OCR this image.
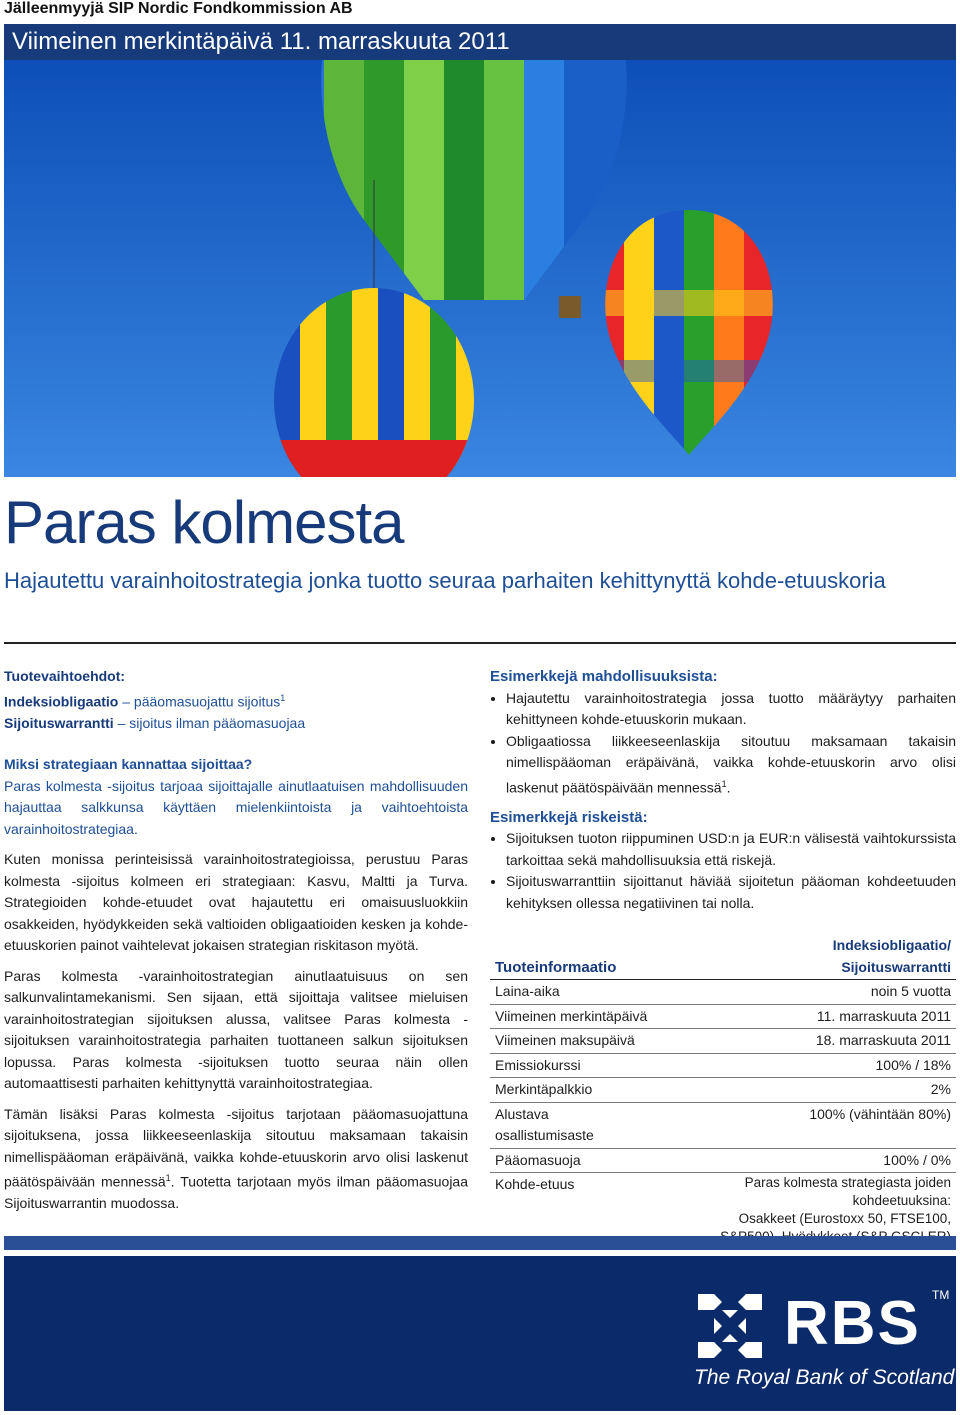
Jälleenmyyjä SIP Nordic Fondkommission AB
Viimeinen merkintäpäivä 11. marraskuuta 2011
Paras kolmesta
Hajautettu varainhoitostrategia jonka tuotto seuraa parhaiten kehittynyttä kohde-etuuskoria

Tuotevaihtoehdot:

Indeksiobligaatio – pääomasuojattu sijoitus$^1$

Sijoituswarrantti – sijoitus ilman pääomasuojaa

Miksi strategiaan kannattaa sijoittaa?

Paras kolmesta -sijoitus tarjoaa sijoittajalle ainutlaatuisen mahdollisuuden hajauttaa salkkunsa käyttäen mielenkiintoista ja vaihtoehtoista varainhoitostrategiaa.

Kuten monissa perinteisissä varainhoitostrategioissa, perustuu Paras kolmesta -sijoitus kolmeen eri strategiaan: Kasvu, Maltti ja Turva. Strategioiden kohde-etuudet ovat hajautettu eri omaisuusluokkiin osakkeiden, hyödykkeiden sekä valtioiden obligaatioiden kesken ja kohde-etuuskorien painot vaihtelevat jokaisen strategian riskitason myötä.

Paras kolmesta -varainhoitostrategian ainutlaatuisuus on sen salkunvalintamekanismi. Sen sijaan, että sijoittaja valitsee mieluisen varainhoitostrategian sijoituksen alussa, valitsee Paras kolmesta -sijoituksen varainhoitostrategia parhaiten tuottaneen salkun sijoituksen lopussa. Paras kolmesta -sijoituksen tuotto seuraa näin ollen automaattisesti parhaiten kehittynyttä varainhoitostrategiaa.

Tämän lisäksi Paras kolmesta -sijoitus tarjotaan pääomasuojattuna sijoituksena, jossa liikkeeseenlaskija sitoutuu maksamaan takaisin nimellispääoman eräpäivänä, vaikka kohde-etuuskorin arvo olisi laskenut päätöspäivään mennessä$^1$. Tuotetta tarjotaan myös ilman pääomasuojaa Sijoituswarrantin muodossa.

Esimerkkejä mahdollisuuksista:
• Hajautettu varainhoitostrategia jossa tuotto määräytyy parhaiten kehittyneen kohde-etuuskorin mukaan.
• Obligaatiossa liikkeeseenlaskija sitoutuu maksamaan takaisin nimellispääoman eräpäivänä, vaikka kohde-etuuskorin arvo olisi laskenut päätöspäivään mennessä$^1$.
Esimerkkejä riskeistä:
• Sijoituksen tuoton riippuminen USD:n ja EUR:n välisestä vaihtokurssista tarkoittaa sekä mahdollisuuksia että riskejä.
• Sijoituswarranttiin sijoittanut häviää sijoitetun pääoman kohdeetuuden kehityksen ollessa negatiivinen tai nolla.
Tuoteinformaatio	Indeksiobligaatio/
Sijoituswarrantti

Laina-aika	noin 5 vuotta
Viimeinen merkintäpäivä	11. marraskuuta 2011
Viimeinen maksupäivä	18. marraskuuta 2011
Emissiokurssi	100% / 18%
Merkintäpalkkio	2%
Alustava osallistumisaste	100% (vähintään 80%)
Pääomasuoja	100% / 0%
Kohde-etuus	Paras kolmesta strategiasta joiden kohdeetuuksina:
Osakkeet (Eurostoxx 50, FTSE100,
RBS TM
The Royal Bank of Scotland
